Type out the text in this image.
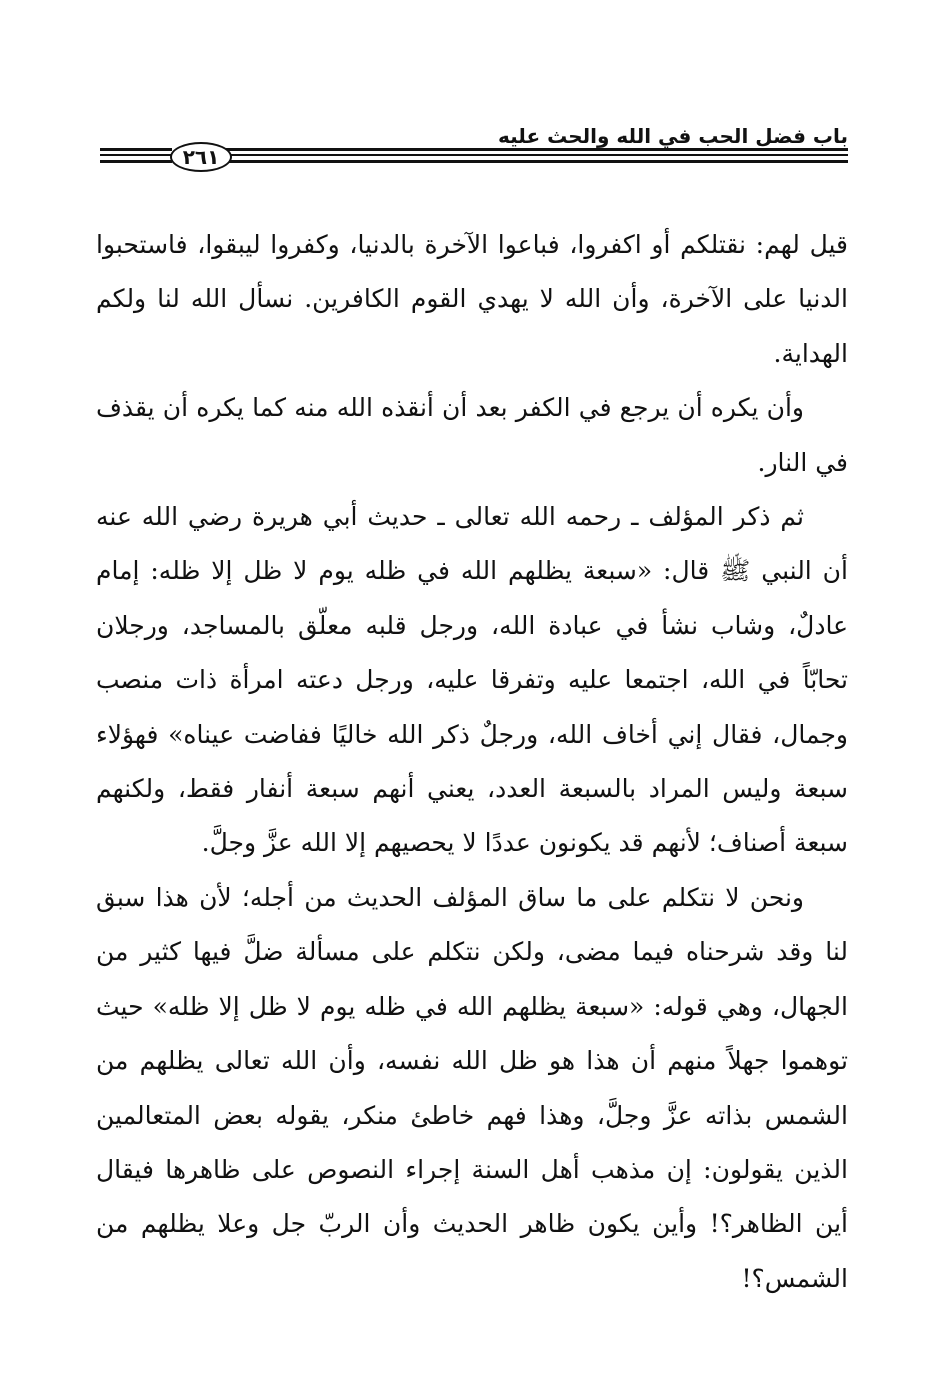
باب فضل الحب في الله والحث عليه
٢٦١

قيل لهم: نقتلكم أو اكفروا، فباعوا الآخرة بالدنيا، وكفروا ليبقوا، فاستحبوا الدنيا على الآخرة، وأن الله لا يهدي القوم الكافرين. نسأل الله لنا ولكم الهداية.

وأن يكره أن يرجع في الكفر بعد أن أنقذه الله منه كما يكره أن يقذف في النار.

ثم ذكر المؤلف ـ رحمه الله تعالى ـ حديث أبي هريرة رضي الله عنه أن النبي ﷺ قال: «سبعة يظلهم الله في ظله يوم لا ظل إلا ظله: إمام عادلٌ، وشاب نشأ في عبادة الله، ورجل قلبه معلّق بالمساجد، ورجلان تحابّاً في الله، اجتمعا عليه وتفرقا عليه، ورجل دعته امرأة ذات منصب وجمال، فقال إني أخاف الله، ورجلٌ ذكر الله خاليًا ففاضت عيناه» فهؤلاء سبعة وليس المراد بالسبعة العدد، يعني أنهم سبعة أنفار فقط، ولكنهم سبعة أصناف؛ لأنهم قد يكونون عددًا لا يحصيهم إلا الله عزَّ وجلَّ.

ونحن لا نتكلم على ما ساق المؤلف الحديث من أجله؛ لأن هذا سبق لنا وقد شرحناه فيما مضى، ولكن نتكلم على مسألة ضلَّ فيها كثير من الجهال، وهي قوله: «سبعة يظلهم الله في ظله يوم لا ظل إلا ظله» حيث توهموا جهلاً منهم أن هذا هو ظل الله نفسه، وأن الله تعالى يظلهم من الشمس بذاته عزَّ وجلَّ، وهذا فهم خاطئ منكر، يقوله بعض المتعالمين الذين يقولون: إن مذهب أهل السنة إجراء النصوص على ظاهرها فيقال أين الظاهر؟! وأين يكون ظاهر الحديث وأن الربّ جل وعلا يظلهم من الشمس؟!
